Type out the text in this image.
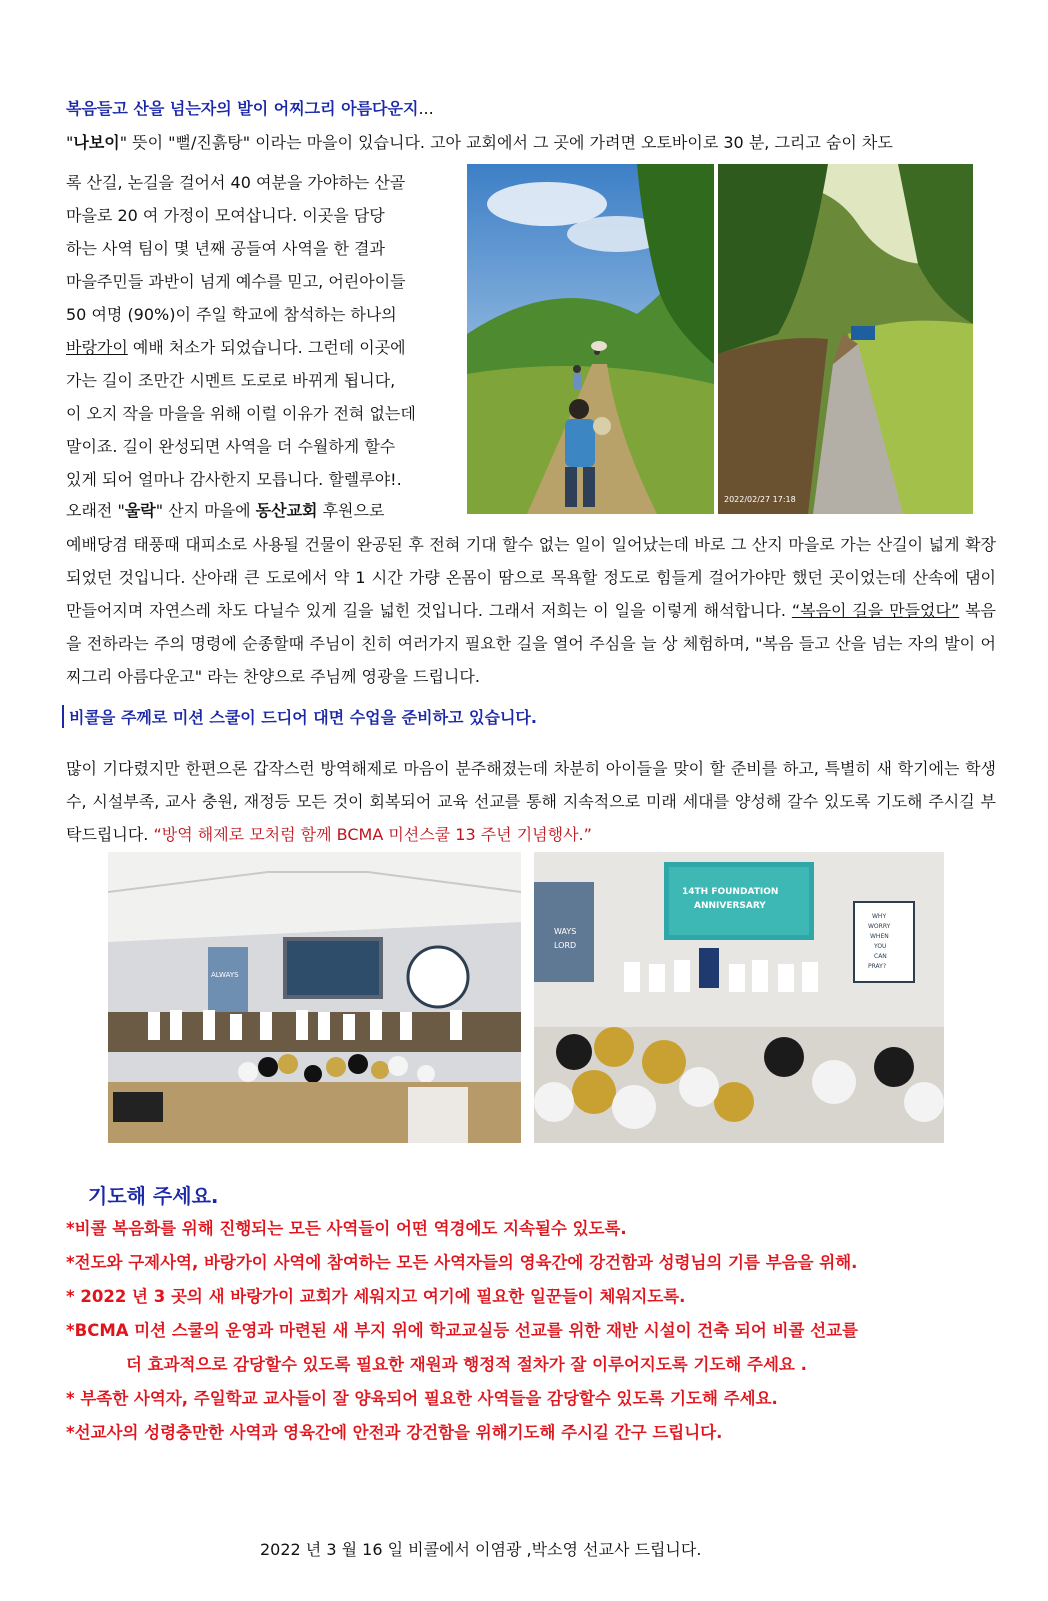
복음들고 산을 넘는자의 발이 어찌그리 아름다운지...
"나보이" 뜻이 "뻘/진흙탕" 이라는 마을이 있습니다. 고아 교회에서 그 곳에 가려면 오토바이로 30 분, 그리고 숨이 차도
록 산길, 논길을 걸어서 40 여분을 가야하는 산골
마을로 20 여 가정이 모여삽니다. 이곳을 담당
하는 사역 팀이 몇 년째 공들여 사역을 한 결과
마을주민들 과반이 넘게 예수를 믿고, 어린아이들
50 여명 (90%)이 주일 학교에 참석하는 하나의
바랑가이 예배 처소가 되었습니다. 그런데 이곳에
가는 길이 조만간 시멘트 도로로 바뀌게 됩니다,
이 오지 작을 마을을 위해 이럴 이유가 전혀 없는데
말이죠. 길이 완성되면 사역을 더 수월하게 할수
있게 되어 얼마나 감사한지 모릅니다. 할렐루야!.
2022/02/27 17:18
오래전 "울락" 산지 마을에 동산교회 후원으로
예배당겸 태풍때 대피소로 사용될 건물이 완공된 후 전혀 기대 할수 없는 일이 일어났는데 바로 그 산지 마을로 가는 산길이 넓게 확장 되었던 것입니다. 산아래 큰 도로에서 약 1 시간 가량 온몸이 땀으로 목욕할 정도로 힘들게 걸어가야만 했던 곳이었는데 산속에 댐이 만들어지며 자연스레 차도 다닐수 있게 길을 넓힌 것입니다. 그래서 저희는 이 일을 이렇게 해석합니다. “복음이 길을 만들었다” 복음을 전하라는 주의 명령에 순종할때 주님이 친히 여러가지 필요한 길을 열어 주심을 늘 상 체험하며, "복음 들고 산을 넘는 자의 발이 어찌그리 아름다운고" 라는 찬양으로 주님께 영광을 드립니다.
비콜을 주께로 미션 스쿨이 드디어 대면 수업을 준비하고 있습니다.
많이 기다렸지만 한편으론 갑작스런 방역해제로 마음이 분주해졌는데 차분히 아이들을 맞이 할 준비를 하고, 특별히 새 학기에는 학생 수, 시설부족, 교사 충원, 재정등 모든 것이 회복되어 교육 선교를 통해 지속적으로 미래 세대를 양성해 갈수 있도록 기도해 주시길 부탁드립니다. “방역 해제로 모처럼 함께 BCMA 미션스쿨 13 주년 기념행사.”
ALWAYS
WAYS
LORD
14TH FOUNDATION
ANNIVERSARY
WHY
WORRY
WHEN
YOU
CAN
PRAY?
기도해 주세요.
*비콜 복음화를 위해 진행되는 모든 사역들이 어떤 역경에도 지속될수 있도록.
*전도와 구제사역, 바랑가이 사역에 참여하는 모든 사역자들의 영육간에 강건함과 성령님의 기름 부음을 위해.
* 2022 년 3 곳의 새 바랑가이 교회가 세워지고 여기에 필요한 일꾼들이 체워지도록.
*BCMA 미션 스쿨의 운영과 마련된 새 부지 위에 학교교실등 선교를 위한 재반 시설이 건축 되어 비콜 선교를
더 효과적으로 감당할수 있도록 필요한 재원과 행정적 절차가 잘 이루어지도록 기도해 주세요 .
* 부족한 사역자, 주일학교 교사들이 잘 양육되어 필요한 사역들을 감당할수 있도록 기도해 주세요.
*선교사의 성령충만한 사역과 영육간에 안전과 강건함을 위해기도해 주시길 간구 드립니다.
2022 년 3 월 16 일 비콜에서 이염광 ,박소영 선교사 드립니다.
